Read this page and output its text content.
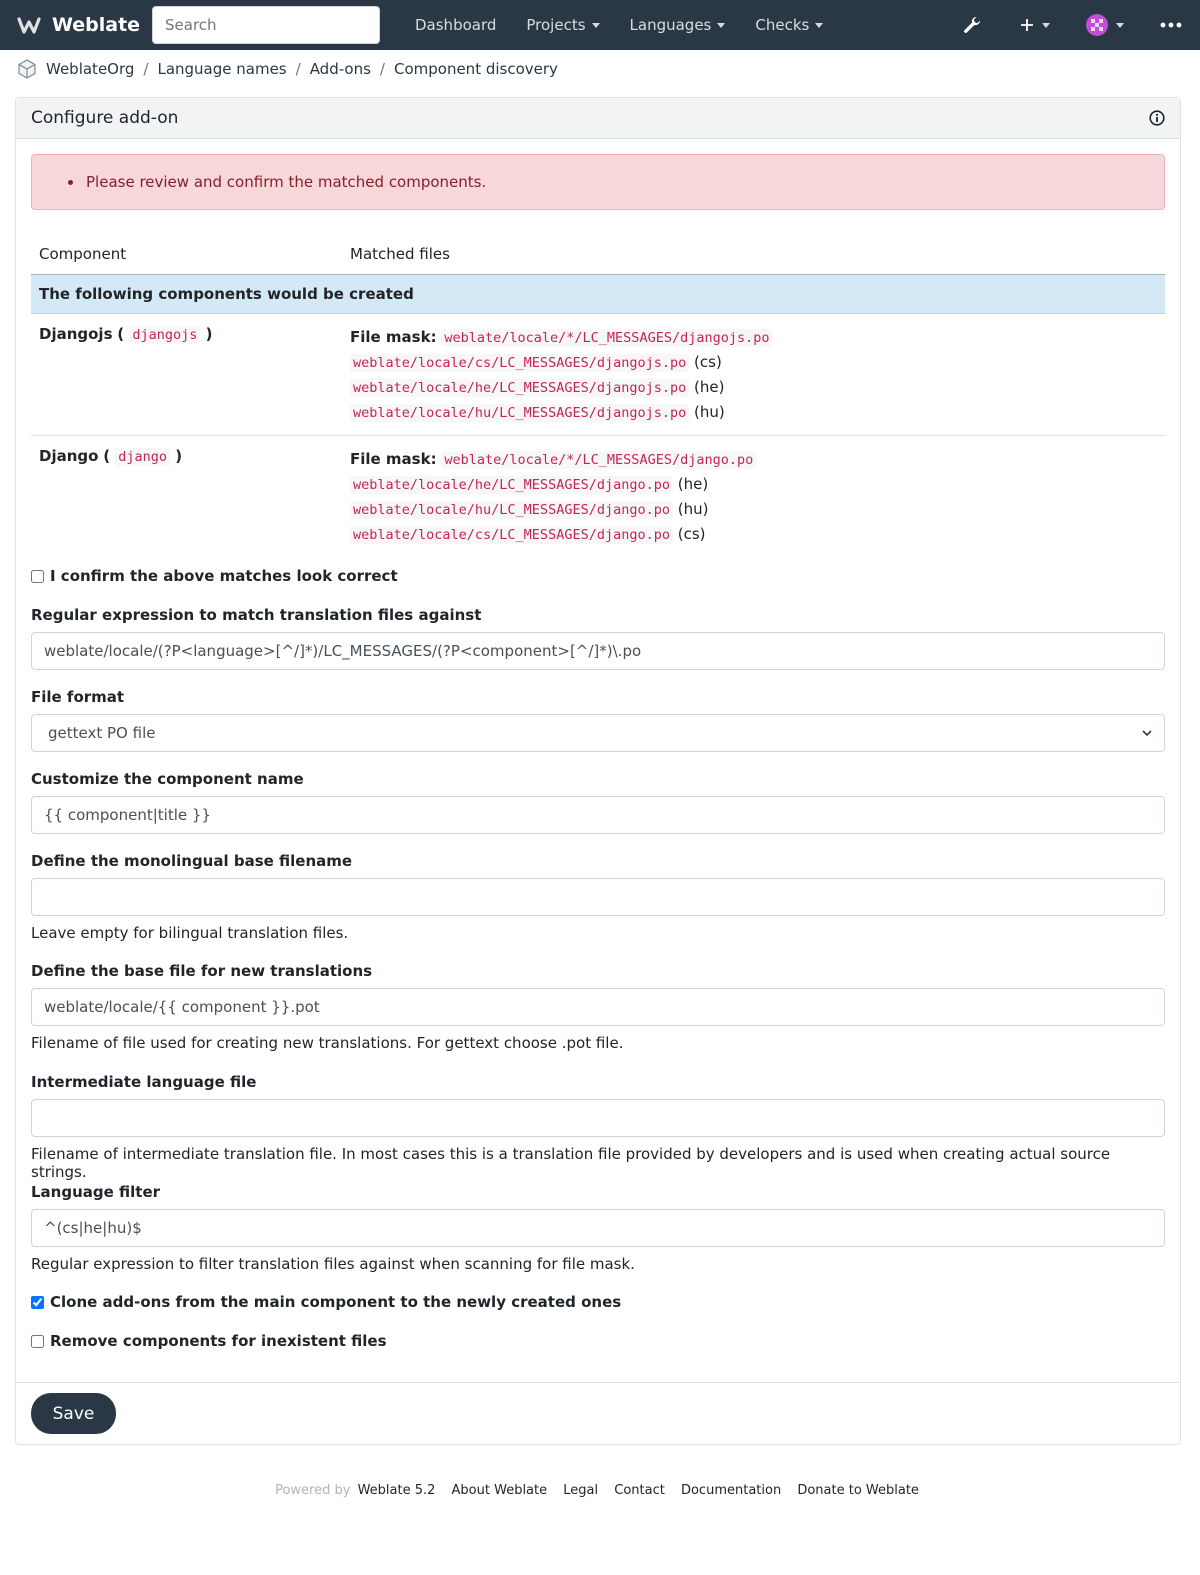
Weblate
Search	Dashboard Projects	Languages	Checks
WeblateOrg / Language names / Add-ons / Component discovery
Configure add-on
Please review and confirm the matched components.
Component	Matched files
The following components would be created	
Djangojs ( djangojs )	File mask: weblate/locale/*/LC_MESSAGES/djangojs.po
weblate/locale/cs/LC_MESSAGES/djangojs.po (cs)
weblate/locale/he/LC_MESSAGES/djangojs.po (he)
weblate/locale/hu/LC_MESSAGES/djangojs.po (hu)

Django ( django )	File mask: weblate/locale/*/LC_MESSAGES/django.po
weblate/locale/he/LC_MESSAGES/django.po (he)
weblate/locale/hu/LC_MESSAGES/django.po (hu)
weblate/locale/cs/LC_MESSAGES/django.po (cs)
I confirm the above matches look correct
Regular expression to match translation files against
weblate/locale/(?P<language>[^/]*)/LC_MESSAGES/(?P<component>[^/]*)\.po
File format
gettext PO file
Customize the component name
{{ component|title }}
Define the monolingual base filename
Leave empty for bilingual translation files.
Define the base file for new translations
weblate/locale/{{ component }}.pot
Filename of file used for creating new translations. For gettext choose .pot file.
Intermediate language file
Filename of intermediate translation file. In most cases this is a translation file provided by developers and is used when creating actual source strings.
Language filter
^(cs|he|hu)$
Regular expression to filter translation files against when scanning for file mask.
Clone add-ons from the main component to the newly created ones
Remove components for inexistent files
Save
Powered by Weblate 5.2 About Weblate Legal Contact Documentation Donate to Weblate
